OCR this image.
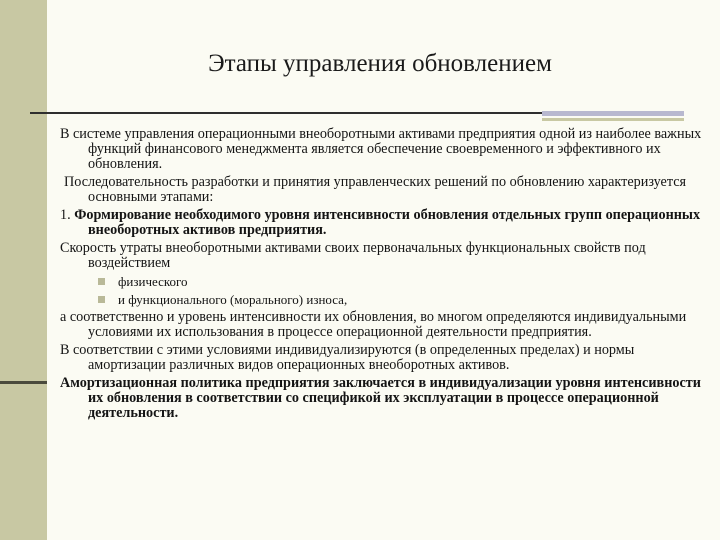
Этапы управления обновлением

В системе управления операционными внеоборотными активами предприятия одной из наиболее важных функций финансового менеджмента является обеспечение своевременного и эффективного их обновления.

Последовательность разработки и принятия управленческих решений по обновлению характеризуется основными этапами:

1. Формирование необходимого уровня интенсивности обновления отдельных групп операционных внеоборотных активов предприятия.

Скорость утраты внеоборотными активами своих первоначальных функциональных свойств под воздействием

физического
и функционального (морального) износа,

а соответственно и уровень интенсивности их обновления, во многом определяются индивидуальными условиями их использования в процессе операционной деятельности предприятия.

В соответствии с этими условиями индивидуализируются (в определенных пределах) и нормы амортизации различных видов операционных внеоборотных активов.

Амортизационная политика предприятия заключается в индивидуализации уровня интенсивности их обновления в соответствии со спецификой их эксплуатации в процессе операционной деятельности.
